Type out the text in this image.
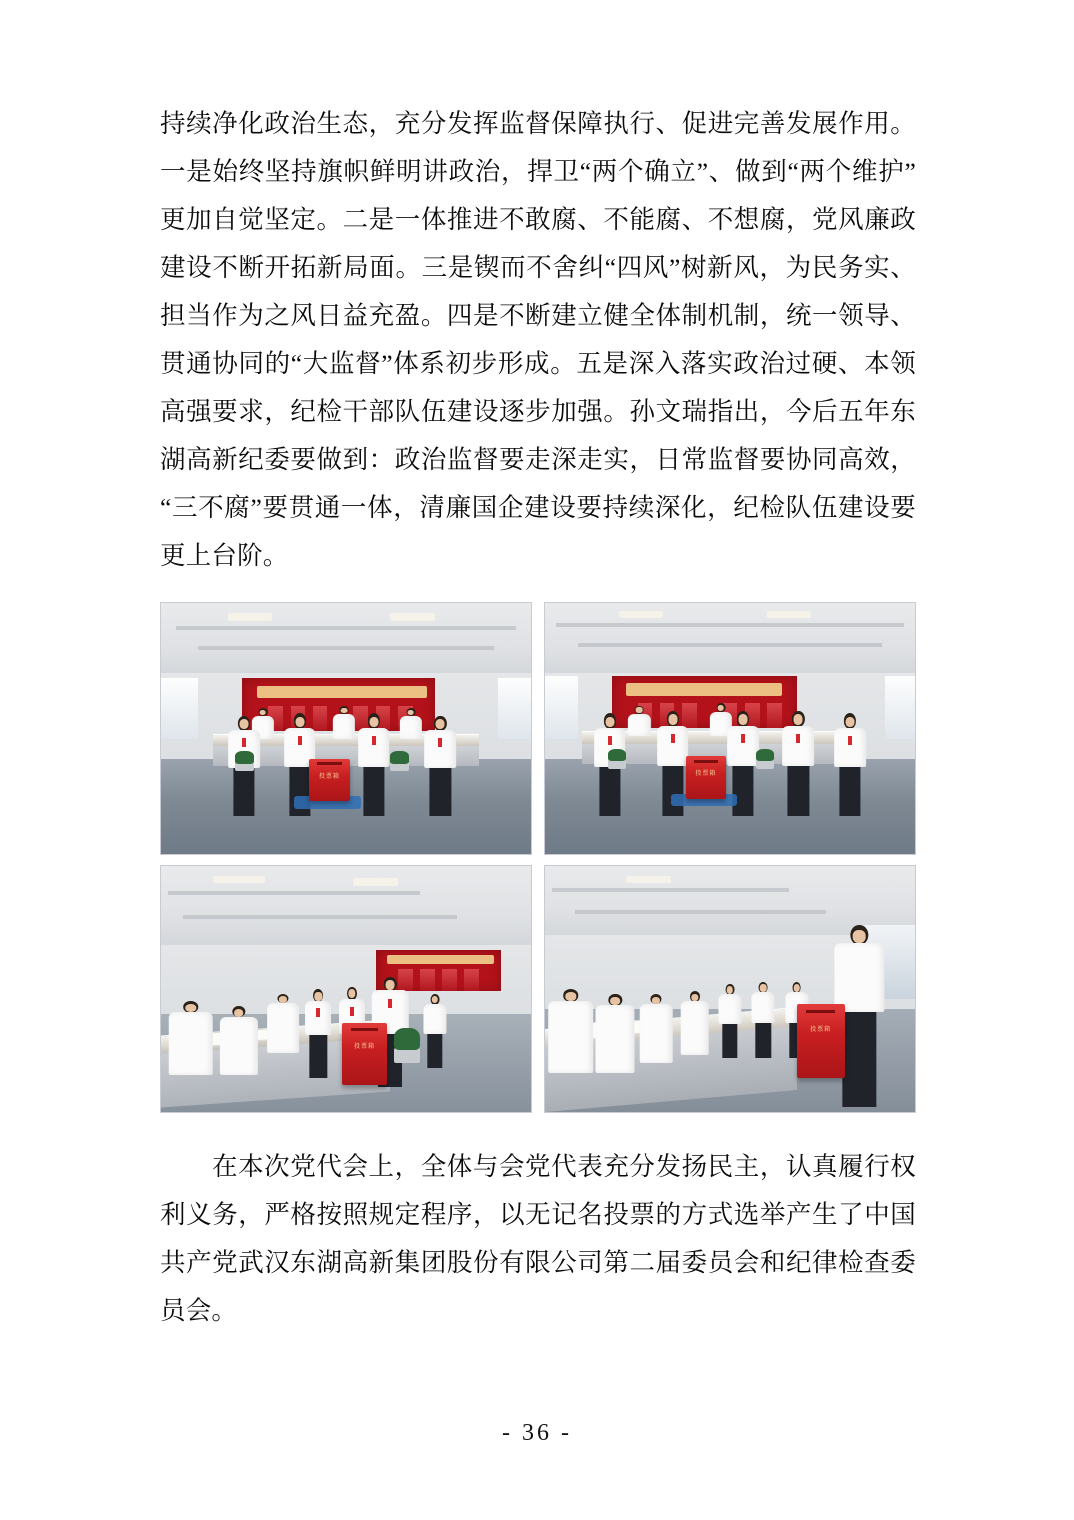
持续净化政治生态，充分发挥监督保障执行、促进完善发展作用。一是始终坚持旗帜鲜明讲政治，捍卫“两个确立”、做到“两个维护”更加自觉坚定。二是一体推进不敢腐、不能腐、不想腐，党风廉政建设不断开拓新局面。三是锲而不舍纠“四风”树新风，为民务实、担当作为之风日益充盈。四是不断建立健全体制机制，统一领导、贯通协同的“大监督”体系初步形成。五是深入落实政治过硬、本领高强要求，纪检干部队伍建设逐步加强。孙文瑞指出，今后五年东湖高新纪委要做到：政治监督要走深走实，日常监督要协同高效，“三不腐”要贯通一体，清廉国企建设要持续深化，纪检队伍建设要更上台阶。

投票箱	投票箱
投票箱
投票箱

在本次党代会上，全体与会党代表充分发扬民主，认真履行权利义务，严格按照规定程序，以无记名投票的方式选举产生了中国共产党武汉东湖高新集团股份有限公司第二届委员会和纪律检查委员会。

- 36 -
